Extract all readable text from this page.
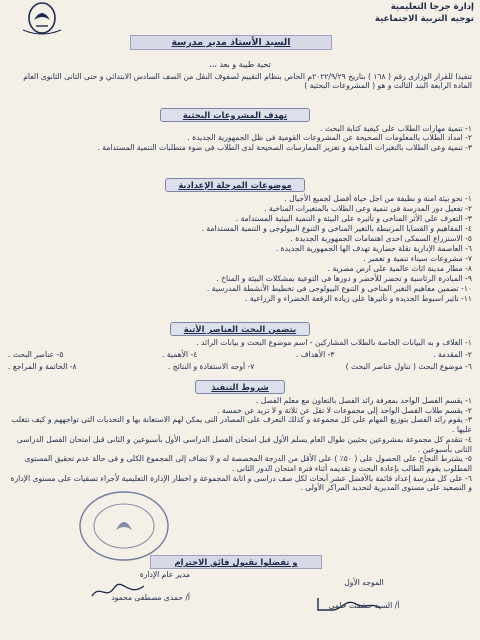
إدارة جرجا التعليمية
توجيه التربية الاجتماعية
السيد الأستاذ مدير مدرسة
تحية طيبة و بعد ،،،
تنفيذا للقرار الوزارى رقم ( ١٦٨ ) بتاريخ ٢٠٢٢/٩/٢٩م الخاص بنظام التقييم لصفوف النقل من الصف السادس الابتدائي و حتى الثانى الثانوى العام المادة الرابعة البند الثالث و هو ( المشروعات البحثية )
تهدف المشروعات البحثية

١- تنمية مهارات الطلاب على كيفية كتابة البحث .

٢- امداد الطلاب بالمعلومات الصحيحة عن المشروعات القومية فى ظل الجمهورية الجديدة .

٣- تنمية وعى الطلاب بالتغيرات المناخية و تعزيز الممارسات الصحيحة لدى الطلاب فى ضوء متطلبات التنمية المستدامة .

موضوعات المرحلة الإعدادية

١- نحو بيئة امنة و نظيفة من اجل حياة أفضل لجميع الأجيال .

٢- تفعيل دور المدرسة فى تنمية وعى الطلاب بالمتغيرات المناخية .

٣- التعرف على الأثر المناخى و تأثيره على البيئة و التنمية البيئية المستدامة .

٤- المفاهيم و القضايا المرتبطة بالتغير المناخى و التنوع البيولوجى و التنمية المستدامة .

٥- الاستزراع السمكى احدى اهتمامات الجمهورية الجديدة .

٦- العاصمة الإدارية نقلة حضارية تهدف الها الجمهورية الجديدة .

٧- مشروعات سيناء تنمية و تعمير .

٨- مطار مدينة اثاث عالمية على ارض مصرية .

٩- المبادرة الرئاسية و تحضر للأخضر و دورها فى التوعية بمشكلات البيئة و المناخ .

١٠- تضمين مفاهيم التغير المناخى و التنوع البيولوجى فى تخطيط الأنشطة المدرسية .

١١- تاثير اسبوط الجديدة و تأثيرها على زيادة الرقعة الخضراء و الزراعية .

يتضمن البحث العناصر الأتية
١- الغلاف و به البيانات الخاصة بالطلاب المشاركين - اسم موضوع البحث و بيانات الرائد .
٢- المقدمة .
٣- الأهداف .
٤- الأهمية .
٥- عناصر البحث .
٦- موضوع البحث ( تناول عناصر البحث )
٧- أوجه الاستفادة و النتائج .
٨- الخاتمة و المراجع .
شروط التنفيذ

١- يقسم الفصل الواحد بمعرفة رائد الفصل بالتعاون مع معلم الفصل .

٢- يقسم طلاب الفصل الواحد إلى مجموعات لا تقل عن ثلاثة و لا تزيد عن خمسة .

٣- يقوم رائد الفصل بتوزيع المهام على كل مجموعة و كذلك التعرف على المصادر التى يمكن لهم الاستعانة بها و التحديات التى تواجههم و كيف تتغلب عليها .

٤- تتقدم كل مجموعة بمشروعين بحثيين طوال العام يسلم الأول قبل امتحان الفصل الدراسى الأول بأسبوعين و الثانى قبل امتحان الفصل الدراسى الثانى بأسبوعين .

٥- يشترط النجاح على الحصول على ( ٥٠٪ ) على الأقل من الدرجة المخصصة له و لا تضاف إلى المجموع الكلى و فى حالة عدم تحقيق المستوى المطلوب يقوم الطالب بإعادة البحث و تقديمه أثناء فترة امتحان الدور الثانى .

٦- على كل مدرسة إعداد قائمة بالأفضل عشر أبحاث لكل صف دراسى و اثابة المجموعة و اخطار الإدارة التعليمية لأجراء تصفيات على مستوى الإدارة و التصعيد على مستوى المديرية لتحديد المراكز الأولى .

و تفضلوا بقبول فائق الاحترام
مدير عام الإدارة
أ/ حمدى مصطفى محمود
الموجه الأول
أ/ السيد حشمت حلمى
